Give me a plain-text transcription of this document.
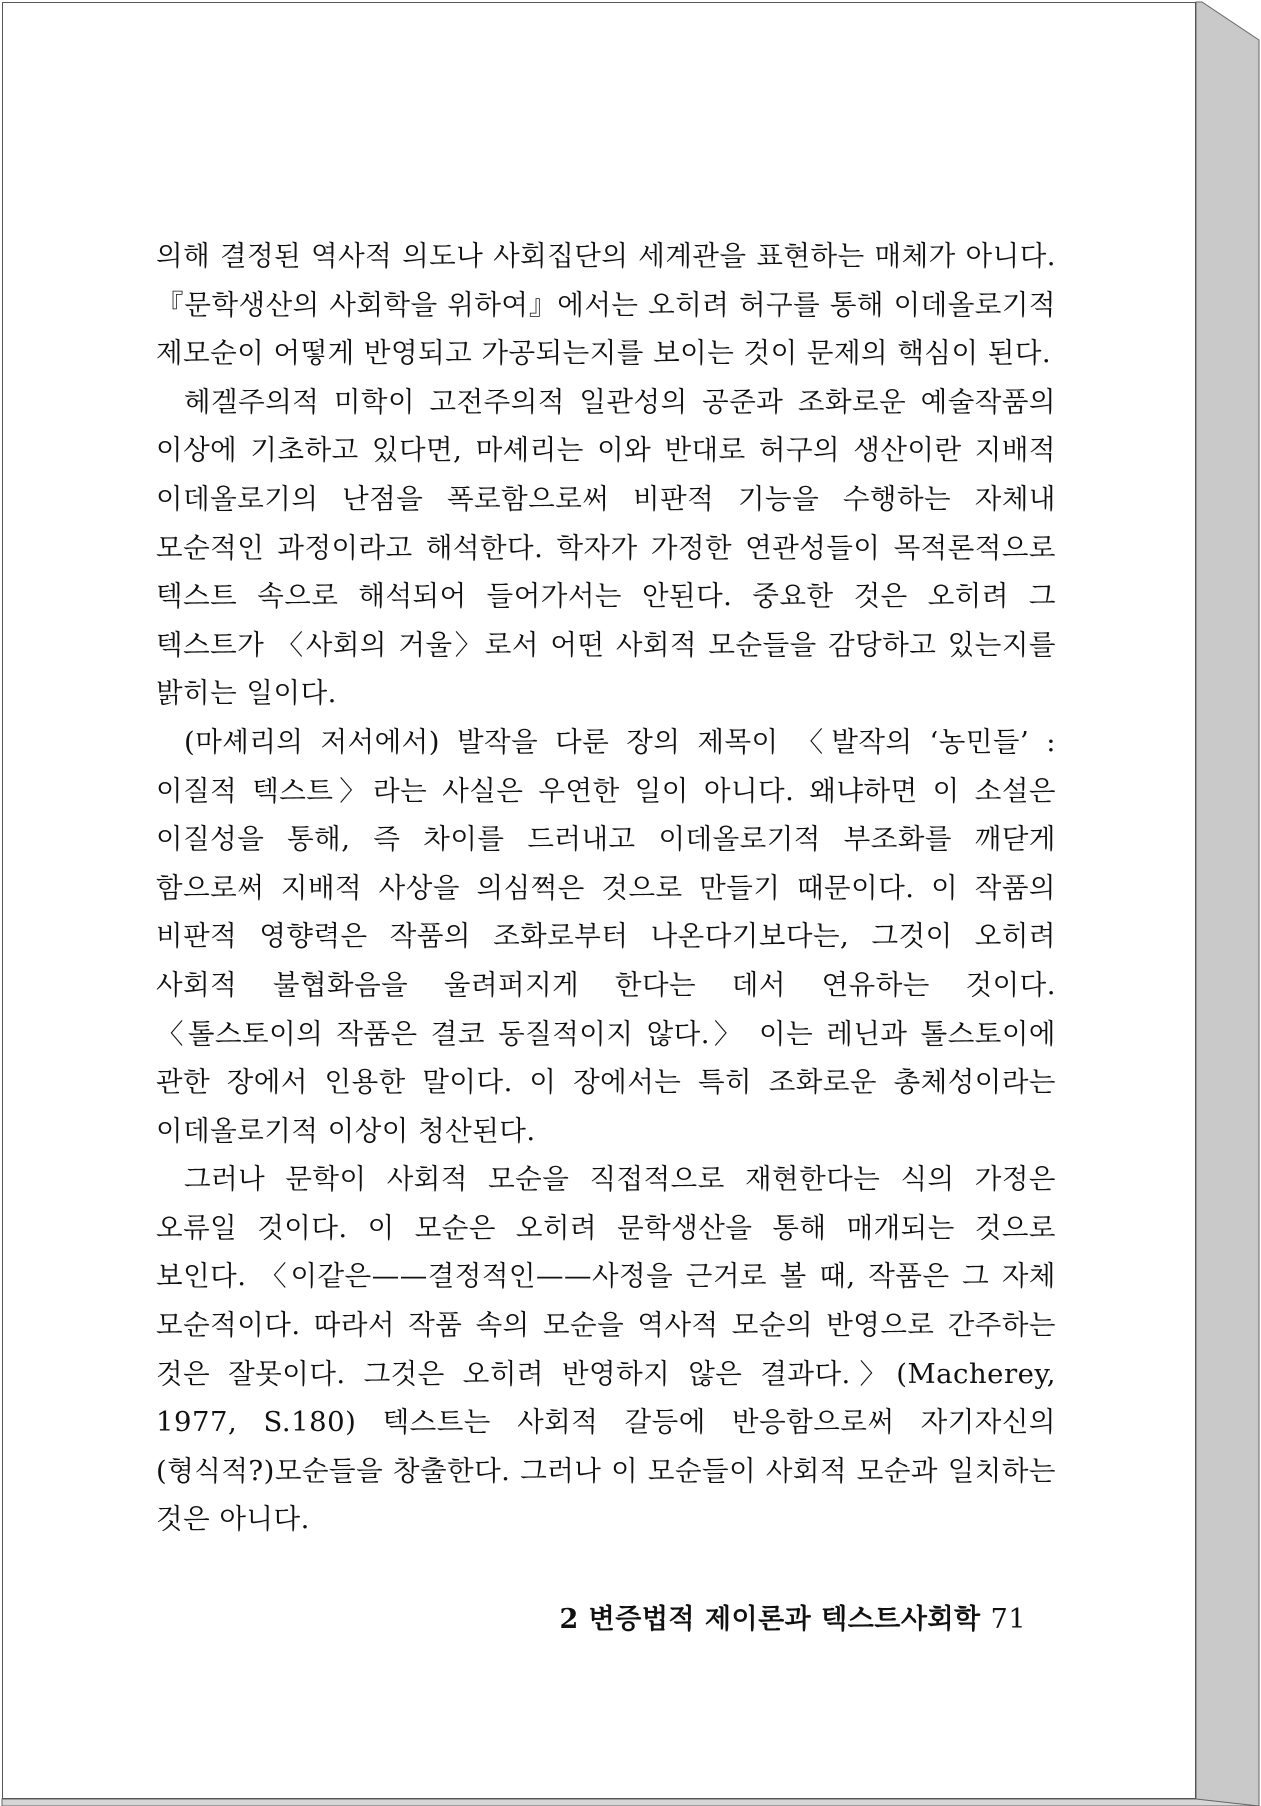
의해 결정된 역사적 의도나 사회집단의 세계관을 표현하는 매체가 아니다. 『문학생산의 사회학을 위하여』에서는 오히려 허구를 통해 이데올로기적 제모순이 어떻게 반영되고 가공되는지를 보이는 것이 문제의 핵심이 된다.

헤겔주의적 미학이 고전주의적 일관성의 공준과 조화로운 예술작품의 이상에 기초하고 있다면, 마셰리는 이와 반대로 허구의 생산이란 지배적 이데올로기의 난점을 폭로함으로써 비판적 기능을 수행하는 자체내 모순적인 과정이라고 해석한다. 학자가 가정한 연관성들이 목적론적으로 텍스트 속으로 해석되어 들어가서는 안된다. 중요한 것은 오히려 그 텍스트가 〈사회의 거울〉로서 어떤 사회적 모순들을 감당하고 있는지를 밝히는 일이다.

(마셰리의 저서에서) 발작을 다룬 장의 제목이 〈발작의 ‘농민들’ : 이질적 텍스트〉라는 사실은 우연한 일이 아니다. 왜냐하면 이 소설은 이질성을 통해, 즉 차이를 드러내고 이데올로기적 부조화를 깨닫게 함으로써 지배적 사상을 의심쩍은 것으로 만들기 때문이다. 이 작품의 비판적 영향력은 작품의 조화로부터 나온다기보다는, 그것이 오히려 사회적 불협화음을 울려퍼지게 한다는 데서 연유하는 것이다. 〈톨스토이의 작품은 결코 동질적이지 않다.〉 이는 레닌과 톨스토이에 관한 장에서 인용한 말이다. 이 장에서는 특히 조화로운 총체성이라는 이데올로기적 이상이 청산된다.

그러나 문학이 사회적 모순을 직접적으로 재현한다는 식의 가정은 오류일 것이다. 이 모순은 오히려 문학생산을 통해 매개되는 것으로 보인다. 〈이같은——결정적인——사정을 근거로 볼 때, 작품은 그 자체 모순적이다. 따라서 작품 속의 모순을 역사적 모순의 반영으로 간주하는 것은 잘못이다. 그것은 오히려 반영하지 않은 결과다.〉(Macherey, 1977, S.180) 텍스트는 사회적 갈등에 반응함으로써 자기자신의 (형식적?)모순들을 창출한다. 그러나 이 모순들이 사회적 모순과 일치하는 것은 아니다.

2 변증법적 제이론과 텍스트사회학 71
